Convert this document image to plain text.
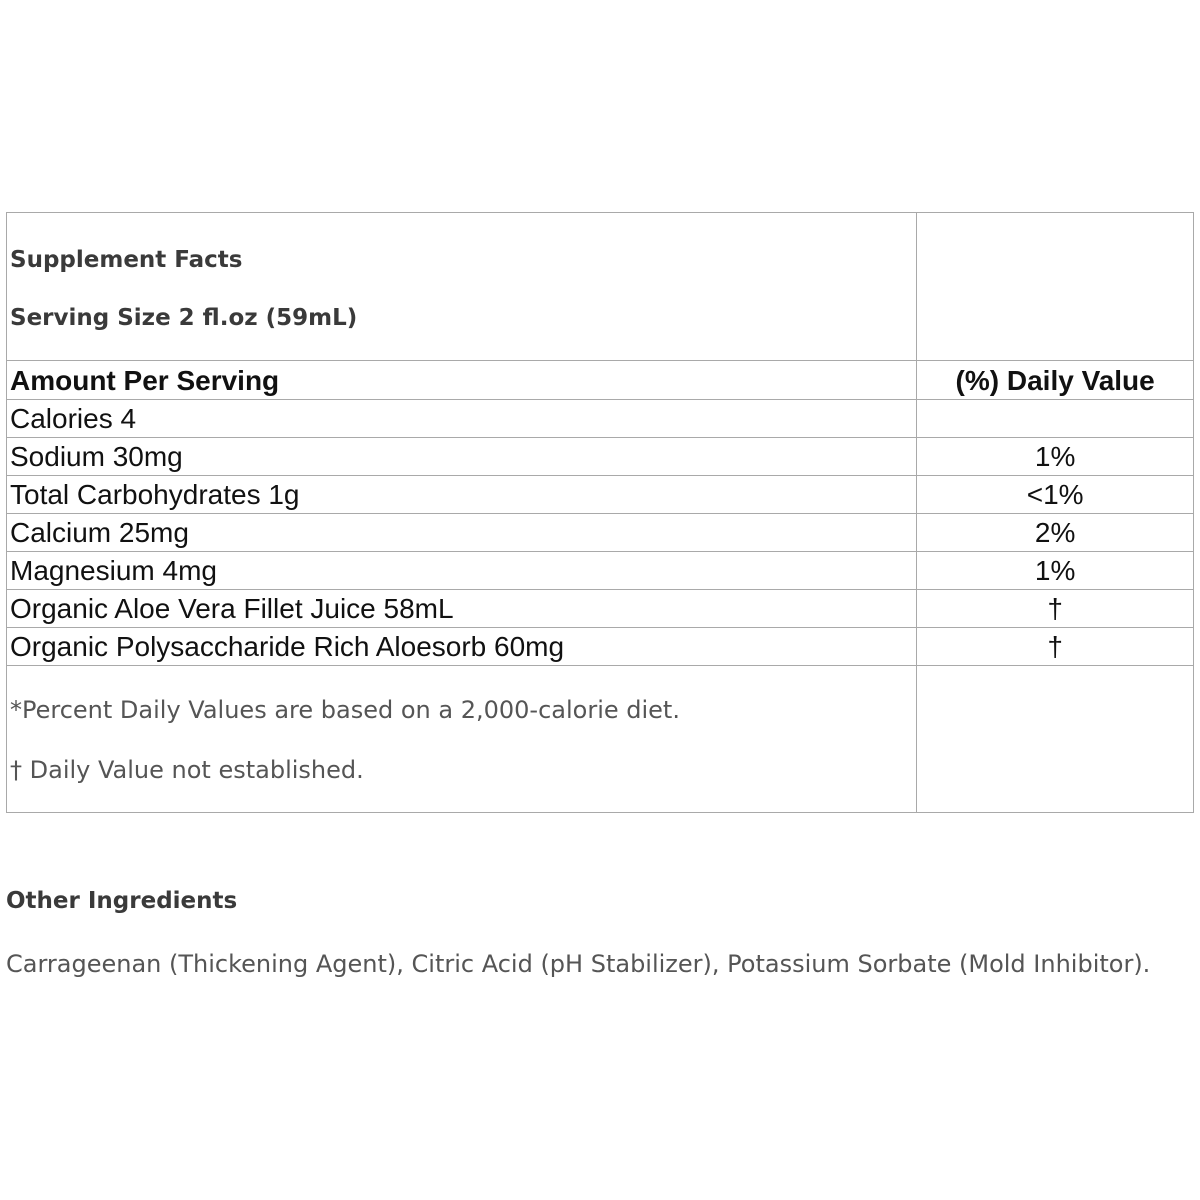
Supplement Facts
Serving Size 2 fl.oz (59mL)	

Amount Per Serving	(%) Daily Value
Calories 4	
Sodium 30mg	1%
Total Carbohydrates 1g	<1%
Calcium 25mg	2%
Magnesium 4mg	1%
Organic Aloe Vera Fillet Juice 58mL	†
Organic Polysaccharide Rich Aloesorb 60mg	†

*Percent Daily Values are based on a 2,000-calorie diet.
† Daily Value not established.	

Other Ingredients
Carrageenan (Thickening Agent), Citric Acid (pH Stabilizer), Potassium Sorbate (Mold Inhibitor).
